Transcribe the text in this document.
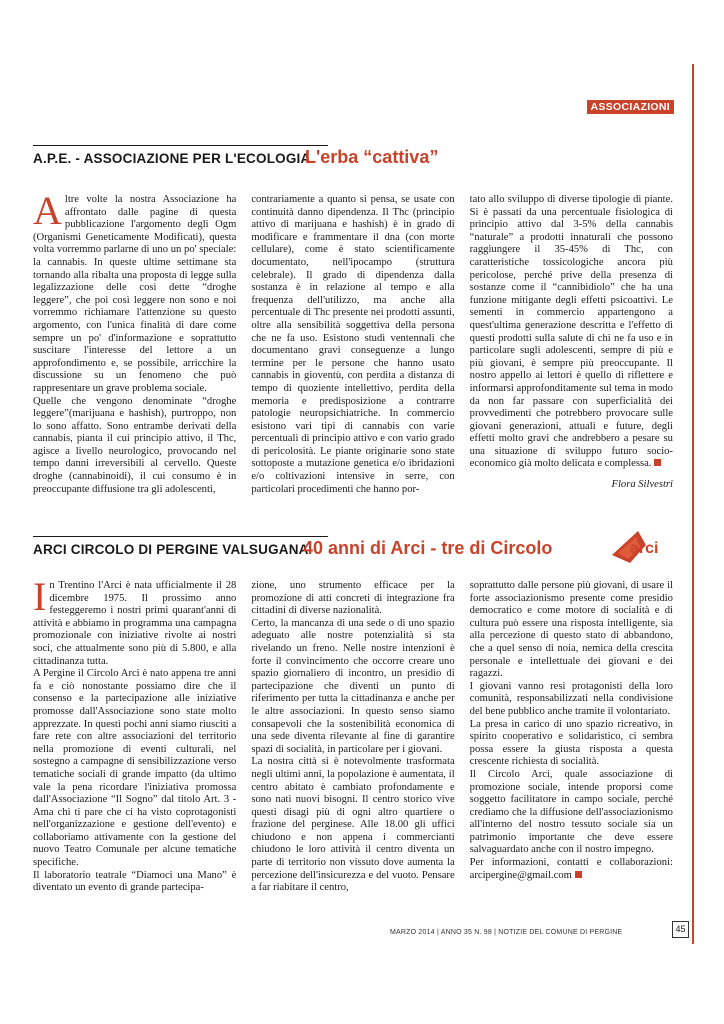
ASSOCIAZIONI
A.P.E. - ASSOCIAZIONE PER L'ECOLOGIA
L'erba “cattiva”

Altre volte la nostra Associazione ha affrontato dalle pagine di questa pubblicazione l'argomento degli Ogm (Organismi Geneticamente Modificati), questa volta vorremmo parlarne di uno un po' speciale: la cannabis. In queste ultime settimane sta tornando alla ribalta una proposta di legge sulla legalizzazione delle così dette “droghe leggere”, che poi così leggere non sono e noi vorremmo richiamare l'attenzione su questo argomento, con l'unica finalità di dare come sempre un po' d'informazione e soprattutto suscitare l'interesse del lettore a un approfondimento e, se possibile, arricchire la discussione su un fenomeno che può rappresentare un grave problema sociale.

Quelle che vengono denominate “droghe leggere”(marijuana e hashish), purtroppo, non lo sono affatto. Sono entrambe derivati della cannabis, pianta il cui principio attivo, il Thc, agisce a livello neurologico, provocando nel tempo danni irreversibili al cervello. Queste droghe (cannabinoidi), il cui consumo è in preoccupante diffusione tra gli adolescenti,

contrariamente a quanto si pensa, se usate con continuità danno dipendenza. Il Thc (principio attivo di marijuana e hashish) è in grado di modificare e frammentare il dna (con morte cellulare), come è stato scientificamente documentato, nell'ipocampo (struttura celebrale). Il grado di dipendenza dalla sostanza è in relazione al tempo e alla frequenza dell'utilizzo, ma anche alla percentuale di Thc presente nei prodotti assunti, oltre alla sensibilità soggettiva della persona che ne fa uso. Esistono studi ventennali che documentano gravi conseguenze a lungo termine per le persone che hanno usato cannabis in gioventù, con perdita a distanza di tempo di quoziente intellettivo, perdita della memoria e predisposizione a contrarre patologie neuropsichiatriche. In commercio esistono vari tipi di cannabis con varie percentuali di principio attivo e con vario grado di pericolosità. Le piante originarie sono state sottoposte a mutazione genetica e/o ibridazioni e/o coltivazioni intensive in serre, con particolari procedimenti che hanno por-

tato allo sviluppo di diverse tipologie di piante. Si è passati da una percentuale fisiologica di principio attivo dal 3-5% della cannabis “naturale” a prodotti innaturali che possono raggiungere il 35-45% di Thc, con caratteristiche tossicologiche ancora più pericolose, perché prive della presenza di sostanze come il “cannibidiolo” che ha una funzione mitigante degli effetti psicoattivi. Le sementi in commercio appartengono a quest'ultima generazione descritta e l'effetto di questi prodotti sulla salute di chi ne fa uso e in particolare sugli adolescenti, sempre di più e più giovani, è sempre più preoccupante. Il nostro appello ai lettori è quello di riflettere e informarsi approfonditamente sul tema in modo da non far passare con superficialità dei provvedimenti che potrebbero provocare sulle giovani generazioni, attuali e future, degli effetti molto gravi che andrebbero a pesare su una situazione di sviluppo futuro socio-economico già molto delicata e complessa.

Flora Silvestri

ARCI CIRCOLO DI PERGINE VALSUGANA
40 anni di Arci - tre di Circolo	arci

In Trentino l'Arci è nata ufficialmente il 28 dicembre 1975. Il prossimo anno festeggeremo i nostri primi quarant'anni di attività e abbiamo in programma una campagna promozionale con iniziative rivolte ai nostri soci, che attualmente sono più di 5.800, e alla cittadinanza tutta.

A Pergine il Circolo Arci è nato appena tre anni fa e ciò nonostante possiamo dire che il consenso e la partecipazione alle iniziative promosse dall'Associazione sono state molto apprezzate. In questi pochi anni siamo riusciti a fare rete con altre associazioni del territorio nella promozione di eventi culturali, nel sostegno a campagne di sensibilizzazione verso tematiche sociali di grande impatto (da ultimo vale la pena ricordare l'iniziativa promossa dall'Associazione “Il Sogno” dal titolo Art. 3 - Ama chi ti pare che ci ha visto coprotagonisti nell'organizzazione e gestione dell'evento) e collaboriamo attivamente con la gestione del nuovo Teatro Comunale per alcune tematiche specifiche.

Il laboratorio teatrale “Diamoci una Mano” è diventato un evento di grande partecipa-

zione, uno strumento efficace per la promozione di atti concreti di integrazione fra cittadini di diverse nazionalità.

Certo, la mancanza di una sede o di uno spazio adeguato alle nostre potenzialità si sta rivelando un freno. Nelle nostre intenzioni è forte il convincimento che occorre creare uno spazio giornaliero di incontro, un presidio di partecipazione che diventi un punto di riferimento per tutta la cittadinanza e anche per le altre associazioni. In questo senso siamo consapevoli che la sostenibilità economica di una sede diventa rilevante al fine di garantire spazi di socialità, in particolare per i giovani.

La nostra città si è notevolmente trasformata negli ultimi anni, la popolazione è aumentata, il centro abitato è cambiato profondamente e sono nati nuovi bisogni. Il centro storico vive questi disagi più di ogni altro quartiere o frazione del perginese. Alle 18.00 gli uffici chiudono e non appena i commercianti chiudono le loro attività il centro diventa un parte di territorio non vissuto dove aumenta la percezione dell'insicurezza e del vuoto. Pensare a far riabitare il centro,

soprattutto dalle persone più giovani, di usare il forte associazionismo presente come presidio democratico e come motore di socialità e di cultura può essere una risposta intelligente, sia alla percezione di questo stato di abbandono, che a quel senso di noia, nemica della crescita personale e intellettuale dei giovani e dei ragazzi.

I giovani vanno resi protagonisti della loro comunità, responsabilizzati nella condivisione del bene pubblico anche tramite il volontariato.

La presa in carico di uno spazio ricreativo, in spirito cooperativo e solidaristico, ci sembra possa essere la giusta risposta a questa crescente richiesta di socialità.

Il Circolo Arci, quale associazione di promozione sociale, intende proporsi come soggetto facilitatore in campo sociale, perché crediamo che la diffusione dell'associazionismo all'interno del nostro tessuto sociale sia un patrimonio importante che deve essere salvaguardato anche con il nostro impegno.

Per informazioni, contatti e collaborazioni: arcipergine@gmail.com

MARZO 2014 | ANNO 35 N. 98 | NOTIZIE DEL COMUNE DI PERGINE	45
